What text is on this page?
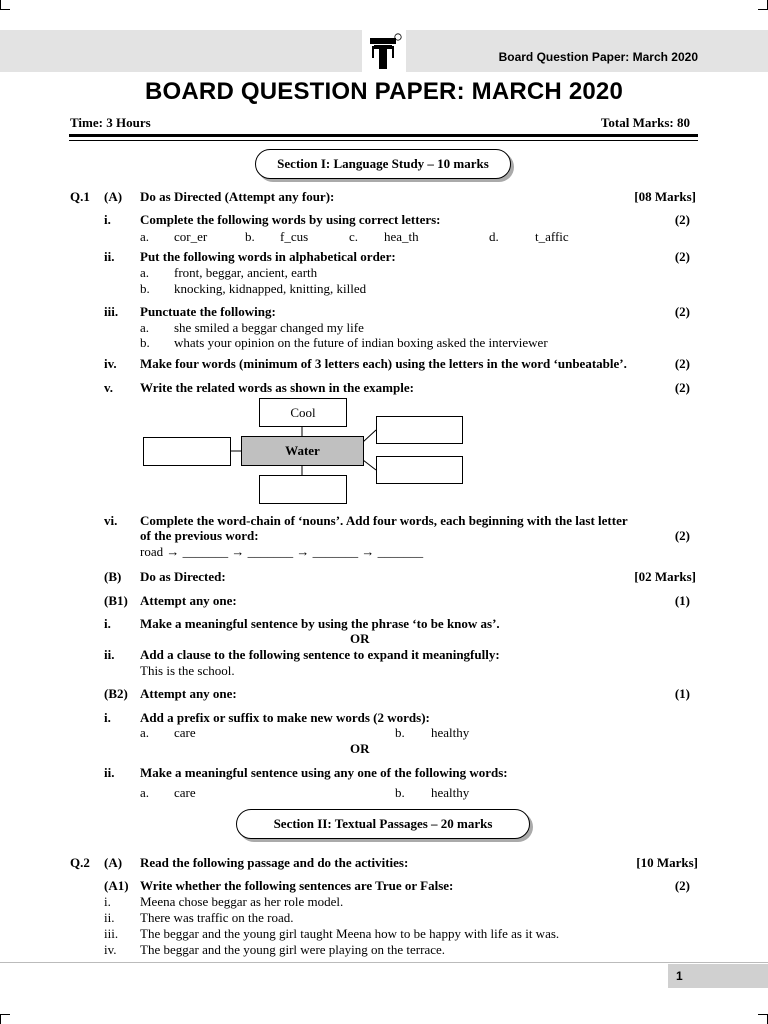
Board Question Paper: March 2020
BOARD QUESTION PAPER: MARCH 2020
Time: 3 Hours	Total Marks: 80
Section I: Language Study – 10 marks
Q.1 (A) Do as Directed (Attempt any four):	[08 Marks]
i. Complete the following words by using correct letters:	(2)
a. cor_er	b. f_cus	c. hea_th	d.	t_affic
ii. Put the following words in alphabetical order:	(2)
a. front, beggar, ancient, earth
b. knocking, kidnapped, knitting, killed
iii. Punctuate the following:	(2)
a. she smiled a beggar changed my life
b. whats your opinion on the future of indian boxing asked the interviewer
iv. Make four words (minimum of 3 letters each) using the letters in the word ‘unbeatable’.	(2)
v. Write the related words as shown in the example:	(2)
Cool
Water
vi. Complete the word-chain of ‘nouns’. Add four words, each beginning with the last letter
of the previous word:	(2)
road → _______ → _______ → _______ → _______
(B) Do as Directed:	[02 Marks]
(B1) Attempt any one:	(1)
i. Make a meaningful sentence by using the phrase ‘to be know as’.
OR
ii. Add a clause to the following sentence to expand it meaningfully:
This is the school.
(B2) Attempt any one:	(1)
i. Add a prefix or suffix to make new words (2 words):
a. care	b. healthy
OR
ii. Make a meaningful sentence using any one of the following words:
a. care	b. healthy
Section II: Textual Passages – 20 marks
Q.2 (A) Read the following passage and do the activities:	[10 Marks]
(A1) Write whether the following sentences are True or False:	(2)
i. Meena chose beggar as her role model.
ii. There was traffic on the road.
iii. The beggar and the young girl taught Meena how to be happy with life as it was.
iv. The beggar and the young girl were playing on the terrace.
1
